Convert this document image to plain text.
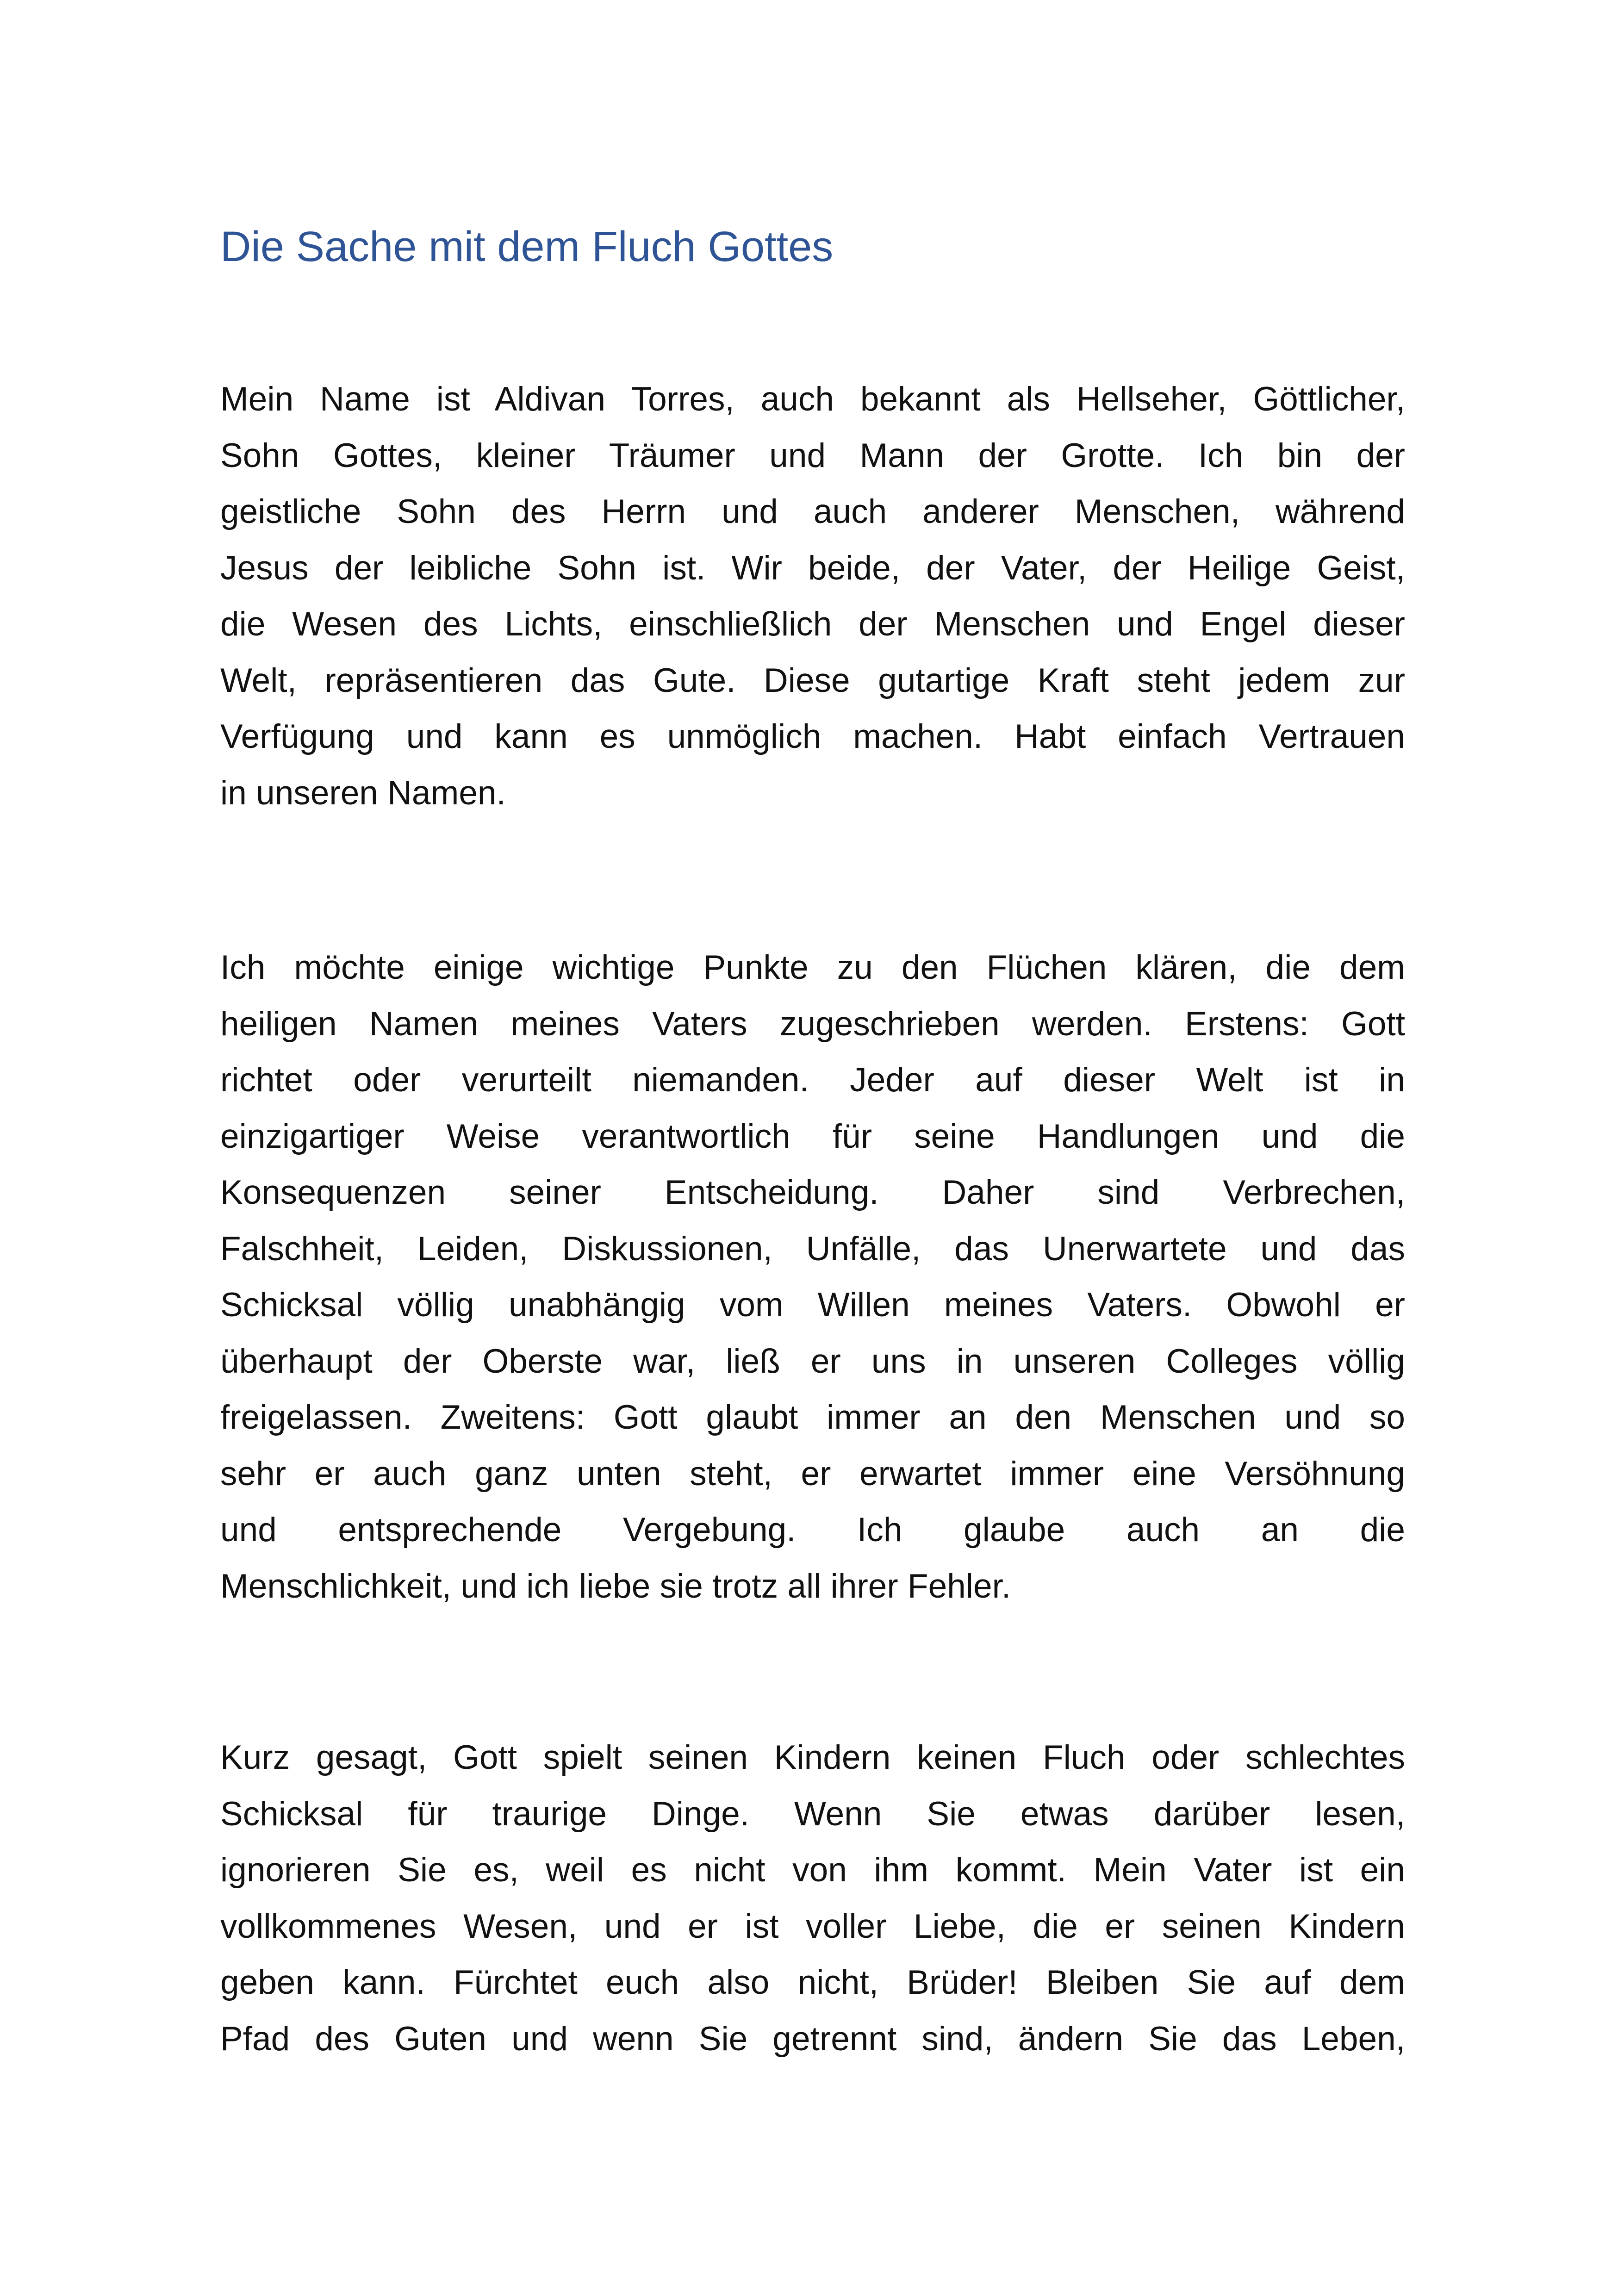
Die Sache mit dem Fluch Gottes
Mein Name ist Aldivan Torres, auch bekannt als Hellseher, Göttlicher,
Sohn Gottes, kleiner Träumer und Mann der Grotte. Ich bin der
geistliche Sohn des Herrn und auch anderer Menschen, während
Jesus der leibliche Sohn ist. Wir beide, der Vater, der Heilige Geist,
die Wesen des Lichts, einschließlich der Menschen und Engel dieser
Welt, repräsentieren das Gute. Diese gutartige Kraft steht jedem zur
Verfügung und kann es unmöglich machen. Habt einfach Vertrauen
in unseren Namen.
Ich möchte einige wichtige Punkte zu den Flüchen klären, die dem
heiligen Namen meines Vaters zugeschrieben werden. Erstens: Gott
richtet oder verurteilt niemanden. Jeder auf dieser Welt ist in
einzigartiger Weise verantwortlich für seine Handlungen und die
Konsequenzen seiner Entscheidung. Daher sind Verbrechen,
Falschheit, Leiden, Diskussionen, Unfälle, das Unerwartete und das
Schicksal völlig unabhängig vom Willen meines Vaters. Obwohl er
überhaupt der Oberste war, ließ er uns in unseren Colleges völlig
freigelassen. Zweitens: Gott glaubt immer an den Menschen und so
sehr er auch ganz unten steht, er erwartet immer eine Versöhnung
und entsprechende Vergebung. Ich glaube auch an die
Menschlichkeit, und ich liebe sie trotz all ihrer Fehler.
Kurz gesagt, Gott spielt seinen Kindern keinen Fluch oder schlechtes
Schicksal für traurige Dinge. Wenn Sie etwas darüber lesen,
ignorieren Sie es, weil es nicht von ihm kommt. Mein Vater ist ein
vollkommenes Wesen, und er ist voller Liebe, die er seinen Kindern
geben kann. Fürchtet euch also nicht, Brüder! Bleiben Sie auf dem
Pfad des Guten und wenn Sie getrennt sind, ändern Sie das Leben,
